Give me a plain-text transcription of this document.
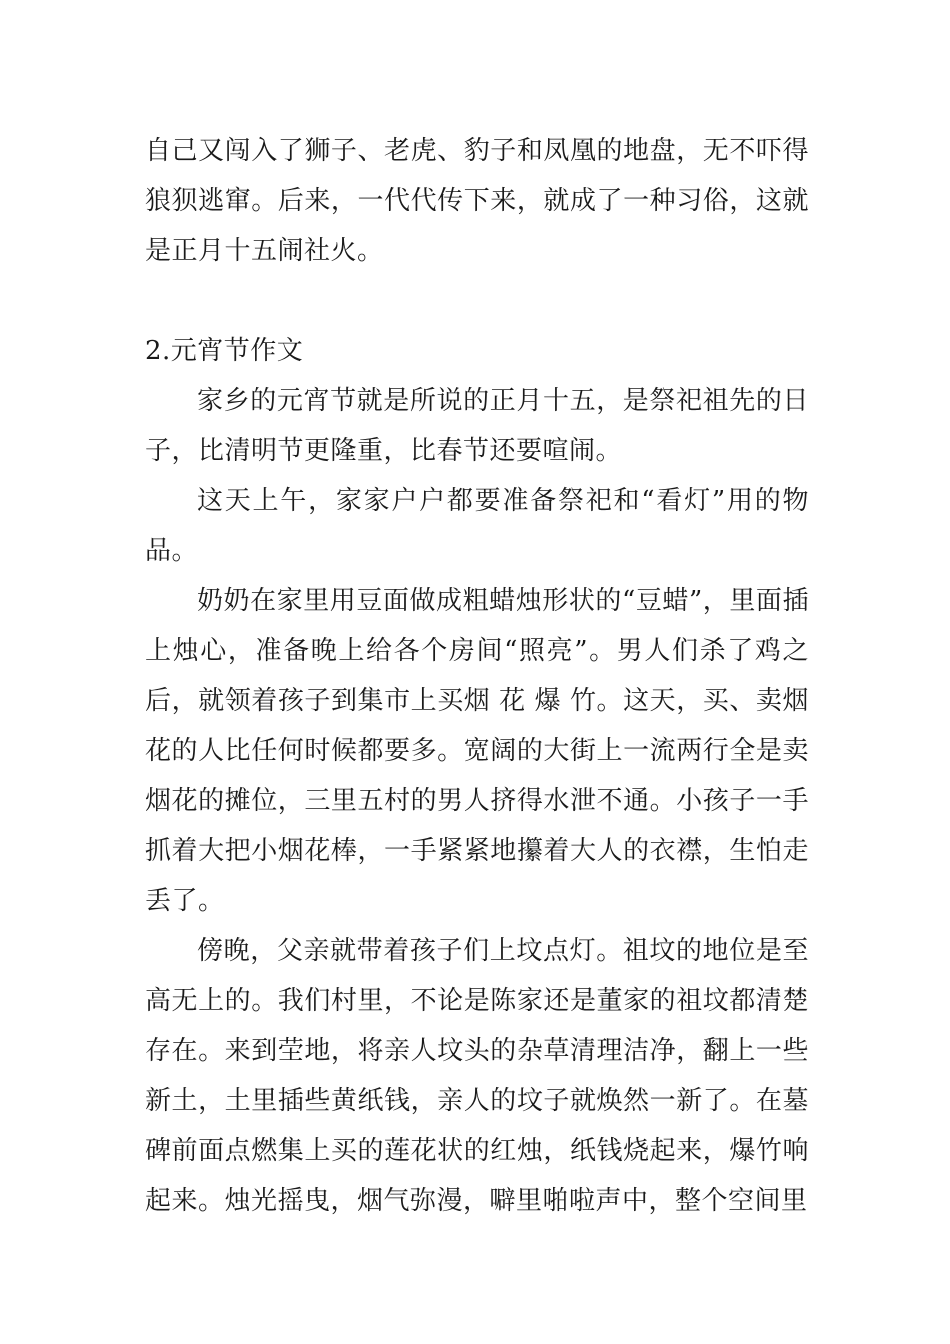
自己又闯入了狮子、老虎、豹子和凤凰的地盘，无不吓得狼狈逃窜。后来，一代代传下来，就成了一种习俗，这就是正月十五闹社火。

2.元宵节作文

家乡的元宵节就是所说的正月十五，是祭祀祖先的日子，比清明节更隆重，比春节还要喧闹。

这天上午，家家户户都要准备祭祀和“看灯”用的物品。

奶奶在家里用豆面做成粗蜡烛形状的“豆蜡”，里面插上烛心，准备晚上给各个房间“照亮”。男人们杀了鸡之后，就领着孩子到集市上买烟 花 爆 竹。这天，买、卖烟花的人比任何时候都要多。宽阔的大街上一流两行全是卖烟花的摊位，三里五村的男人挤得水泄不通。小孩子一手抓着大把小烟花棒，一手紧紧地攥着大人的衣襟，生怕走丢了。

傍晚，父亲就带着孩子们上坟点灯。祖坟的地位是至高无上的。我们村里，不论是陈家还是董家的祖坟都清楚存在。来到茔地，将亲人坟头的杂草清理洁净，翻上一些新土，土里插些黄纸钱，亲人的坟子就焕然一新了。在墓碑前面点燃集上买的莲花状的红烛，纸钱烧起来，爆竹响起来。烛光摇曳，烟气弥漫，噼里啪啦声中，整个空间里
